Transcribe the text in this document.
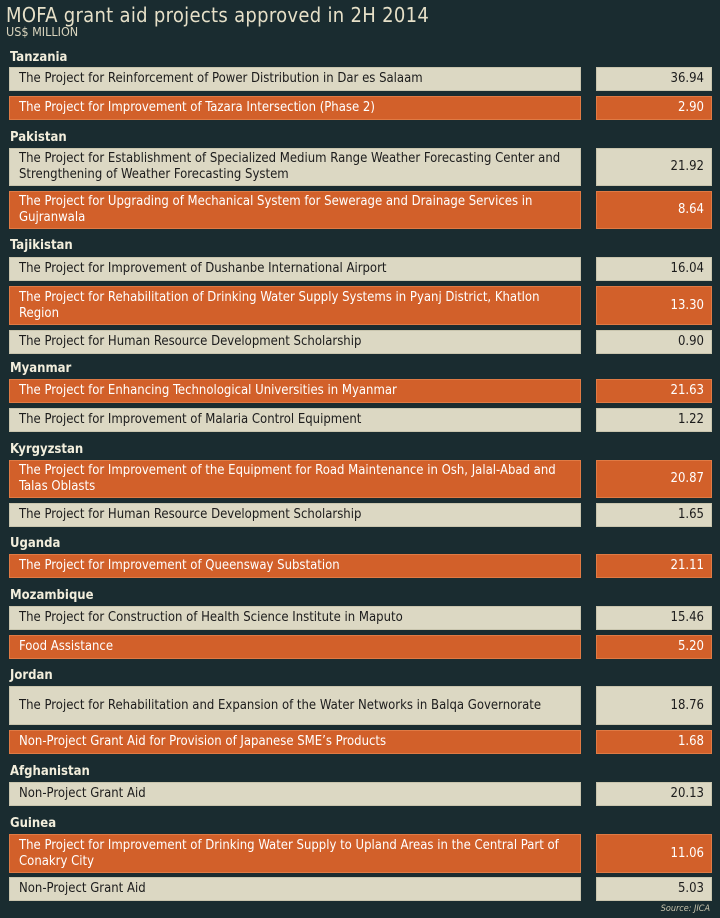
MOFA grant aid projects approved in 2H 2014
US$ MILLION
Tanzania
The Project for Reinforcement of Power Distribution in Dar es Salaam	36.94
The Project for Improvement of Tazara Intersection (Phase 2)	2.90
Pakistan
The Project for Establishment of Specialized Medium Range Weather Forecasting Center and Strengthening of Weather Forecasting System
21.92
The Project for Upgrading of Mechanical System for Sewerage and Drainage Services in Gujranwala
8.64
Tajikistan
The Project for Improvement of Dushanbe International Airport	16.04
The Project for Rehabilitation of Drinking Water Supply Systems in Pyanj District, Khatlon Region
13.30
The Project for Human Resource Development Scholarship	0.90
Myanmar
The Project for Enhancing Technological Universities in Myanmar	21.63
The Project for Improvement of Malaria Control Equipment	1.22
Kyrgyzstan
The Project for Improvement of the Equipment for Road Maintenance in Osh, Jalal-Abad and Talas Oblasts
20.87
The Project for Human Resource Development Scholarship	1.65
Uganda
The Project for Improvement of Queensway Substation	21.11
Mozambique
The Project for Construction of Health Science Institute in Maputo	15.46
Food Assistance	5.20
Jordan
The Project for Rehabilitation and Expansion of the Water Networks in Balqa Governorate	18.76
Non-Project Grant Aid for Provision of Japanese SME’s Products	1.68
Afghanistan
Non-Project Grant Aid	20.13
Guinea
The Project for Improvement of Drinking Water Supply to Upland Areas in the Central Part of Conakry City
11.06
Non-Project Grant Aid	5.03
Source: JICA
